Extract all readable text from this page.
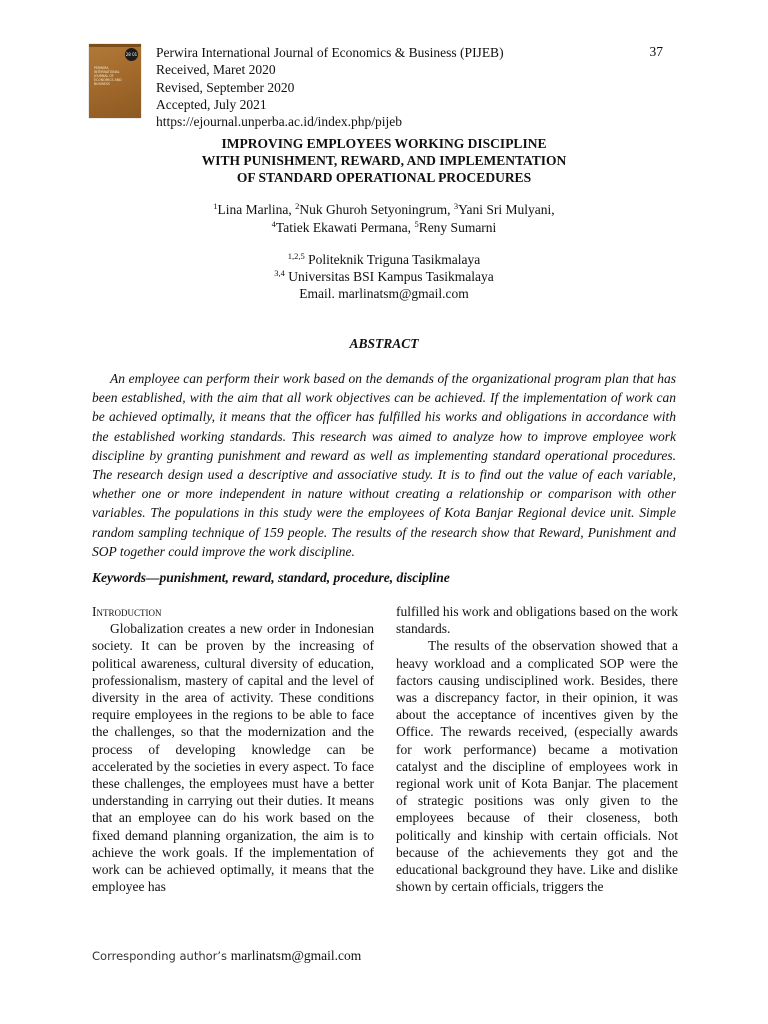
28 01
PERWIRA INTERNATIONAL JOURNAL OF ECONOMICS AND BUSINESS
Perwira International Journal of Economics & Business (PIJEB)
Received, Maret 2020
Revised, September 2020
Accepted, July 2021
https://ejournal.unperba.ac.id/index.php/pijeb
37
IMPROVING EMPLOYEES WORKING DISCIPLINE
WITH PUNISHMENT, REWARD, AND IMPLEMENTATION
OF STANDARD OPERATIONAL PROCEDURES
$^1$Lina Marlina, $^2$Nuk Ghuroh Setyoningrum, $^3$Yani Sri Mulyani,
$^4$Tatiek Ekawati Permana, $^5$Reny Sumarni
$^{1,2,5}$ Politeknik Triguna Tasikmalaya
$^{3,4}$ Universitas BSI Kampus Tasikmalaya
Email. marlinatsm@gmail.com
ABSTRACT
An employee can perform their work based on the demands of the organizational program plan that has been established, with the aim that all work objectives can be achieved. If the implementation of work can be achieved optimally, it means that the officer has fulfilled his works and obligations in accordance with the established working standards. This research was aimed to analyze how to improve employee work discipline by granting punishment and reward as well as implementing standard operational procedures. The research design used a descriptive and associative study. It is to find out the value of each variable, whether one or more independent in nature without creating a relationship or comparison with other variables. The populations in this study were the employees of Kota Banjar Regional device unit. Simple random sampling technique of 159 people. The results of the research show that Reward, Punishment and SOP together could improve the work discipline.
Keywords—punishment, reward, standard, procedure, discipline
Introduction

Globalization creates a new order in Indonesian society. It can be proven by the increasing of political awareness, cultural diversity of education, professionalism, mastery of capital and the level of diversity in the area of activity. These conditions require employees in the regions to be able to face the challenges, so that the modernization and the process of developing knowledge can be accelerated by the societies in every aspect. To face these challenges, the employees must have a better understanding in carrying out their duties. It means that an employee can do his work based on the fixed demand planning organization, the aim is to achieve the work goals. If the implementation of work can be achieved optimally, it means that the employee has

fulfilled his work and obligations based on the work standards.

The results of the observation showed that a heavy workload and a complicated SOP were the factors causing undisciplined work. Besides, there was a discrepancy factor, in their opinion, it was about the acceptance of incentives given by the Office. The rewards received, (especially awards for work performance) became a motivation catalyst and the discipline of employees work in regional work unit of Kota Banjar. The placement of strategic positions was only given to the employees because of their closeness, both politically and kinship with certain officials. Not because of the achievements they got and the educational background they have. Like and dislike shown by certain officials, triggers the

Corresponding author’s marlinatsm@gmail.com
